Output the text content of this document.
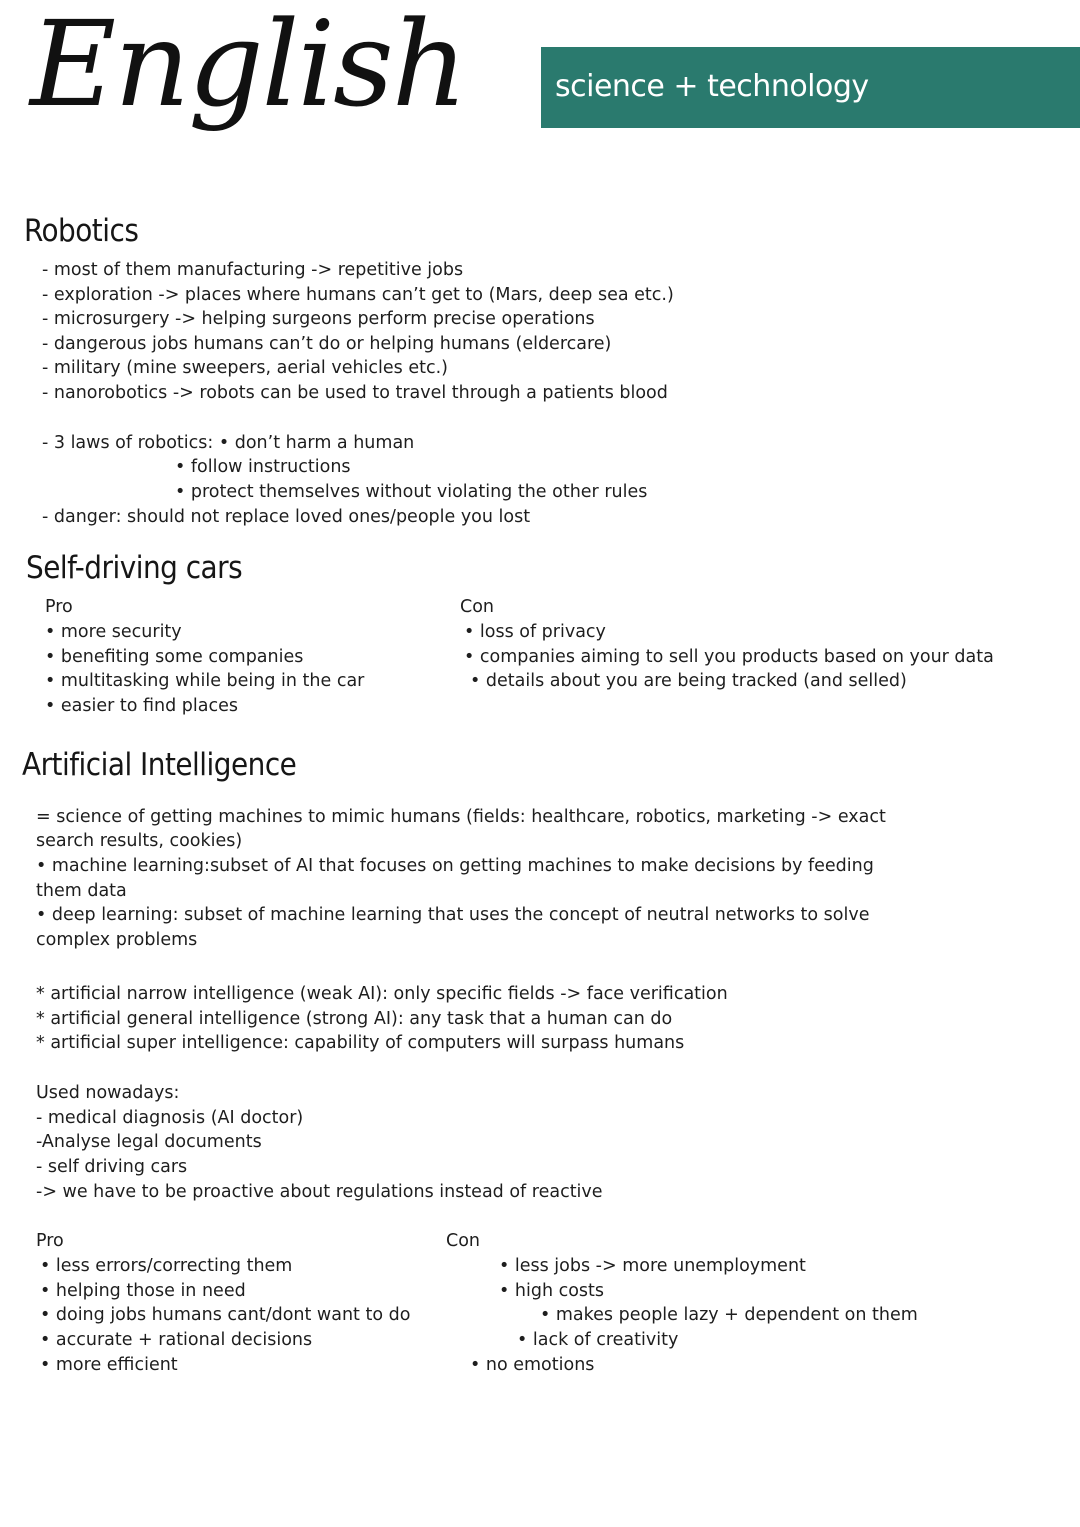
English	science + technology
Robotics
- most of them manufacturing -> repetitive jobs
- exploration -> places where humans can’t get to (Mars, deep sea etc.)
- microsurgery -> helping surgeons perform precise operations
- dangerous jobs humans can’t do or helping humans (eldercare)
- military (mine sweepers, aerial vehicles etc.)
- nanorobotics -> robots can be used to travel through a patients blood
- 3 laws of robotics: • don’t harm a human
• follow instructions
• protect themselves without violating the other rules
- danger: should not replace loved ones/people you lost
Self-driving cars
Pro
• more security
• benefiting some companies
• multitasking while being in the car
• easier to find places
Con
• loss of privacy
• companies aiming to sell you products based on your data
• details about you are being tracked (and selled)
Artificial Intelligence
= science of getting machines to mimic humans (fields: healthcare, robotics, marketing -> exact
search results, cookies)
• machine learning:subset of AI that focuses on getting machines to make decisions by feeding
them data
• deep learning: subset of machine learning that uses the concept of neutral networks to solve
complex problems
* artificial narrow intelligence (weak AI): only specific fields -> face verification
* artificial general intelligence (strong AI): any task that a human can do
* artificial super intelligence: capability of computers will surpass humans
Used nowadays:
- medical diagnosis (AI doctor)
-Analyse legal documents
- self driving cars
-> we have to be proactive about regulations instead of reactive
Pro
• less errors/correcting them
• helping those in need
• doing jobs humans cant/dont want to do
• accurate + rational decisions
• more efficient
Con
• less jobs -> more unemployment
• high costs
• makes people lazy + dependent on them
• lack of creativity
• no emotions
